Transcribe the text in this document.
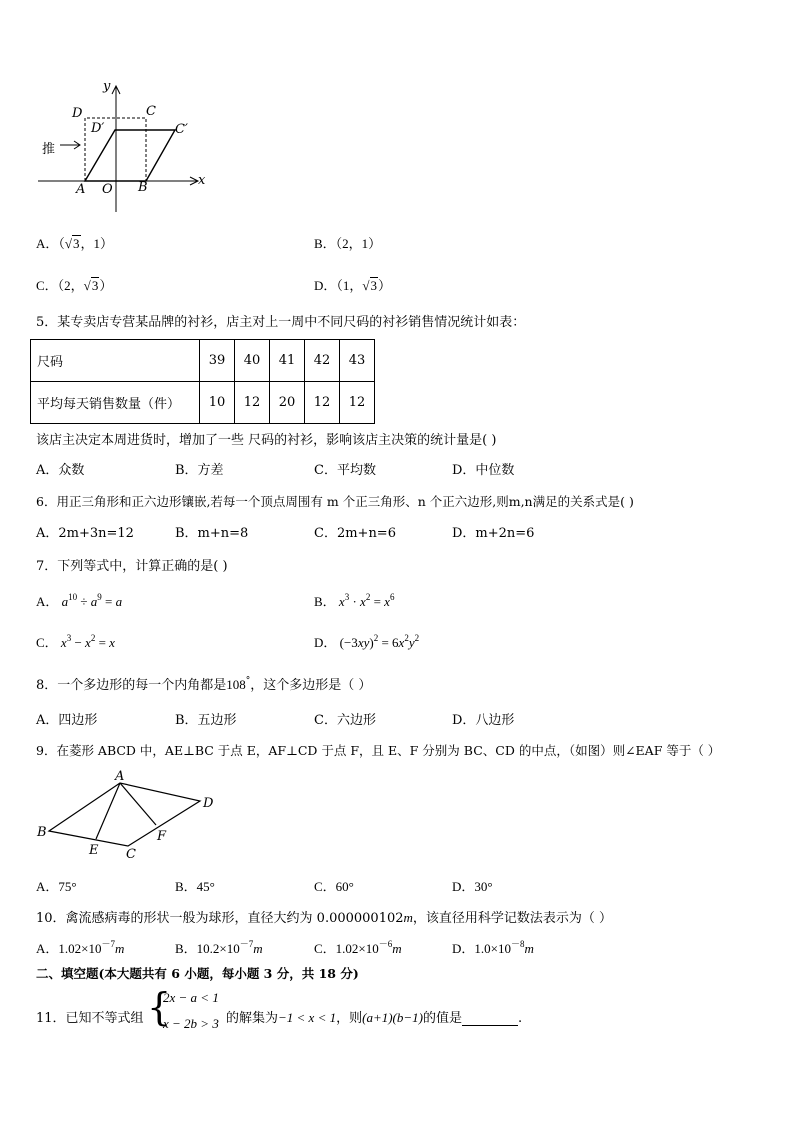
y
x
D	C
D′	C′
A O B
推
A．（√3，1）	B．（2，1）
C．（2，√3）	D．（1，√3）
5．某专卖店专营某品牌的衬衫，店主对上一周中不同尺码的衬衫销售情况统计如表：
尺码	39	40	41	42	43
平均每天销售数量（件）	10	12	20	12	12
该店主决定本周进货时，增加了一些 尺码的衬衫，影响该店主决策的统计量是( )
A．众数	B．方差	C．平均数	D．中位数
6．用正三角形和正六边形镶嵌,若每一个顶点周围有 m 个正三角形、n 个正六边形,则m,n满足的关系式是( )
A．2m+3n=12	B．m+n=8	C．2m+n=6	D．m+2n=6
7．下列等式中，计算正确的是( )
A． $a^{10} \div a^9 = a$	B． $x^3 \cdot x^2 = x^6$
C． $x^3 - x^2 = x$	D． $(-3xy)^2 = 6x^2y^2$
8．一个多边形的每一个内角都是108°，这个多边形是（ ）
A．四边形	B．五边形	C．六边形	D．八边形
9．在菱形 ABCD 中，AE⊥BC 于点 E，AF⊥CD 于点 F，且 E、F 分别为 BC、CD 的中点，（如图）则∠EAF 等于（ ）
A
B
C
D
E
F
A．75°	B．45°	C．60°	D．30°
10．禽流感病毒的形状一般为球形，直径大约为 0.000000102m，该直径用科学记数法表示为（ ）
A．$1.02\times 10^{-7}m$	B．$10.2\times 10^{-7}m$	C．$1.02\times 10^{-6}m$	D．$1.0\times 10^{-8}m$
二、填空题(本大题共有 6 小题，每小题 3 分，共 18 分)
11．已知不等式组 {
2x − a < 1
x − 2b > 3 的解集为−1 < x < 1，则(a+1)(b−1)的值是	.
